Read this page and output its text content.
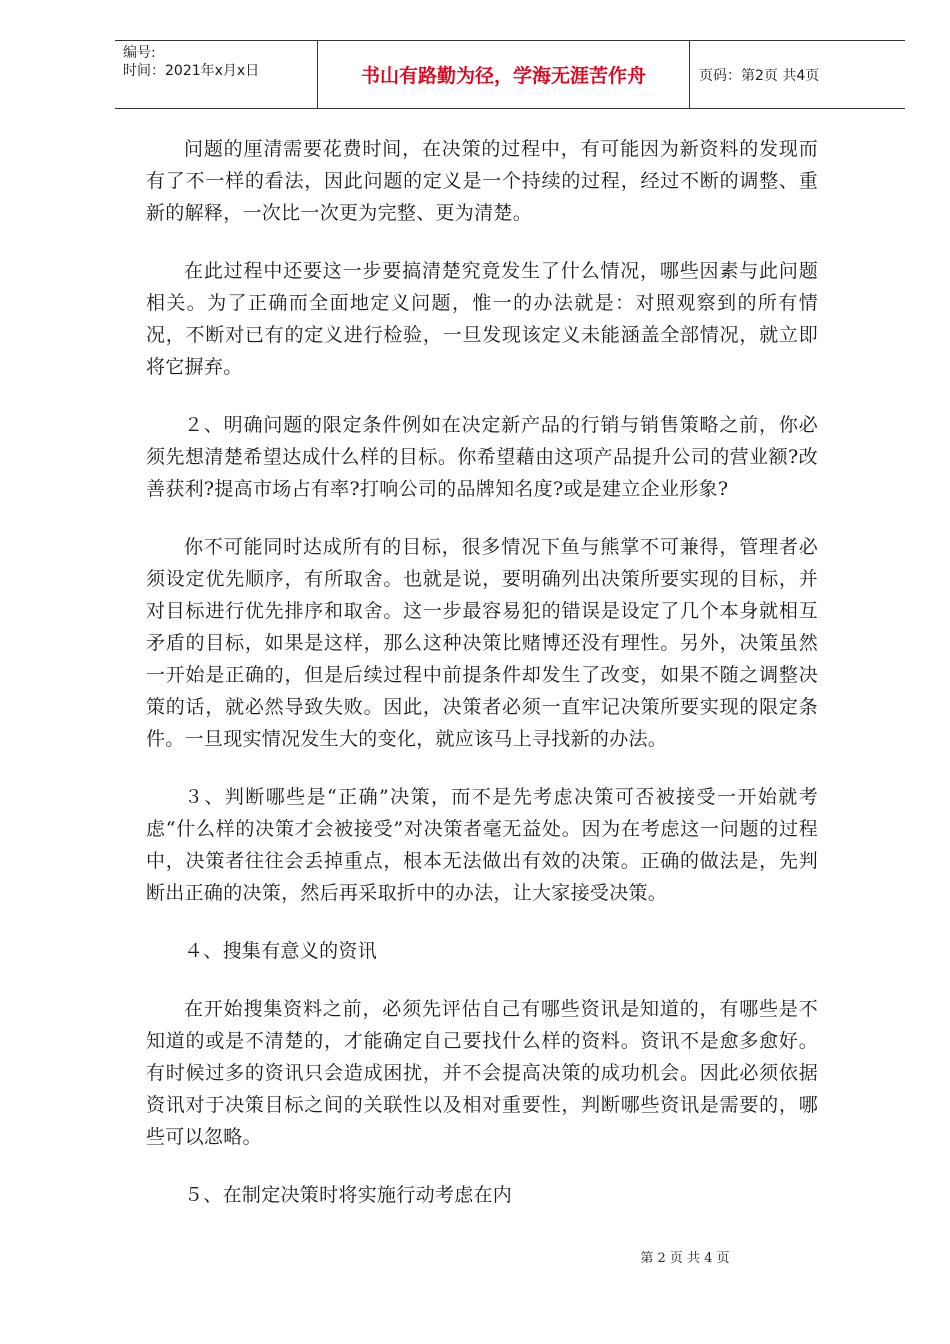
编号:
时间：2021年x月x日	书山有路勤为径，学海无涯苦作舟	页码：第2页 共4页

问题的厘清需要花费时间，在决策的过程中，有可能因为新资料的发现而有了不一样的看法，因此问题的定义是一个持续的过程，经过不断的调整、重新的解释，一次比一次更为完整、更为清楚。

在此过程中还要这一步要搞清楚究竟发生了什么情况，哪些因素与此问题相关。为了正确而全面地定义问题，惟一的办法就是：对照观察到的所有情况，不断对已有的定义进行检验，一旦发现该定义未能涵盖全部情况，就立即将它摒弃。

２、明确问题的限定条件例如在决定新产品的行销与销售策略之前，你必须先想清楚希望达成什么样的目标。你希望藉由这项产品提升公司的营业额?改善获利?提高市场占有率?打响公司的品牌知名度?或是建立企业形象?

你不可能同时达成所有的目标，很多情况下鱼与熊掌不可兼得，管理者必须设定优先顺序，有所取舍。也就是说，要明确列出决策所要实现的目标，并对目标进行优先排序和取舍。这一步最容易犯的错误是设定了几个本身就相互矛盾的目标，如果是这样，那么这种决策比赌博还没有理性。另外，决策虽然一开始是正确的，但是后续过程中前提条件却发生了改变，如果不随之调整决策的话，就必然导致失败。因此，决策者必须一直牢记决策所要实现的限定条件。一旦现实情况发生大的变化，就应该马上寻找新的办法。

３、判断哪些是“正确”决策，而不是先考虑决策可否被接受一开始就考虑“什么样的决策才会被接受”对决策者毫无益处。因为在考虑这一问题的过程中，决策者往往会丢掉重点，根本无法做出有效的决策。正确的做法是，先判断出正确的决策，然后再采取折中的办法，让大家接受决策。

４、搜集有意义的资讯

在开始搜集资料之前，必须先评估自己有哪些资讯是知道的，有哪些是不知道的或是不清楚的，才能确定自己要找什么样的资料。资讯不是愈多愈好。有时候过多的资讯只会造成困扰，并不会提高决策的成功机会。因此必须依据资讯对于决策目标之间的关联性以及相对重要性，判断哪些资讯是需要的，哪些可以忽略。

５、在制定决策时将实施行动考虑在内

第 2 页 共 4 页
